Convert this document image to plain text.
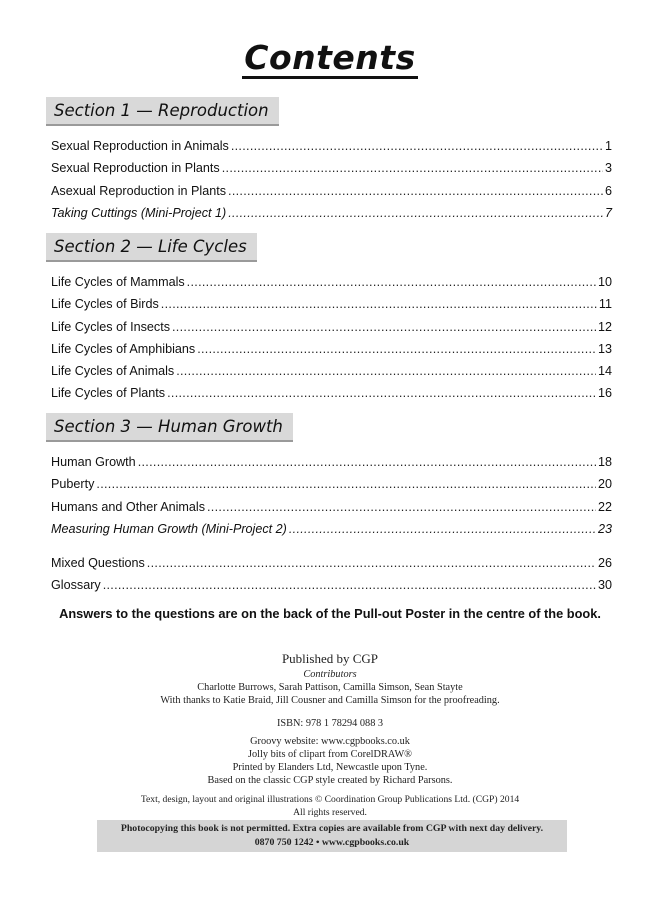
Contents
Section 1 — Reproduction
Sexual Reproduction in Animals .....	1
Sexual Reproduction in Plants .....	3
Asexual Reproduction in Plants .....	6
Taking Cuttings (Mini-Project 1) .....	7
Section 2 — Life Cycles
Life Cycles of Mammals .....	10
Life Cycles of Birds .....	11
Life Cycles of Insects .....	12
Life Cycles of Amphibians .....	13
Life Cycles of Animals .....	14
Life Cycles of Plants .....	16
Section 3 — Human Growth
Human Growth .....	18
Puberty .....	20
Humans and Other Animals .....	22
Measuring Human Growth (Mini-Project 2) .....	23
Mixed Questions .....	26
Glossary .....	30
Answers to the questions are on the back of the Pull-out Poster in the centre of the book.
Published by CGP
Contributors
Charlotte Burrows, Sarah Pattison, Camilla Simson, Sean Stayte
With thanks to Katie Braid, Jill Cousner and Camilla Simson for the proofreading.
ISBN: 978 1 78294 088 3
Groovy website: www.cgpbooks.co.uk
Jolly bits of clipart from CorelDRAW®
Printed by Elanders Ltd, Newcastle upon Tyne.
Based on the classic CGP style created by Richard Parsons.
Text, design, layout and original illustrations © Coordination Group Publications Ltd. (CGP) 2014
All rights reserved.
Photocopying this book is not permitted. Extra copies are available from CGP with next day delivery.
0870 750 1242 • www.cgpbooks.co.uk
